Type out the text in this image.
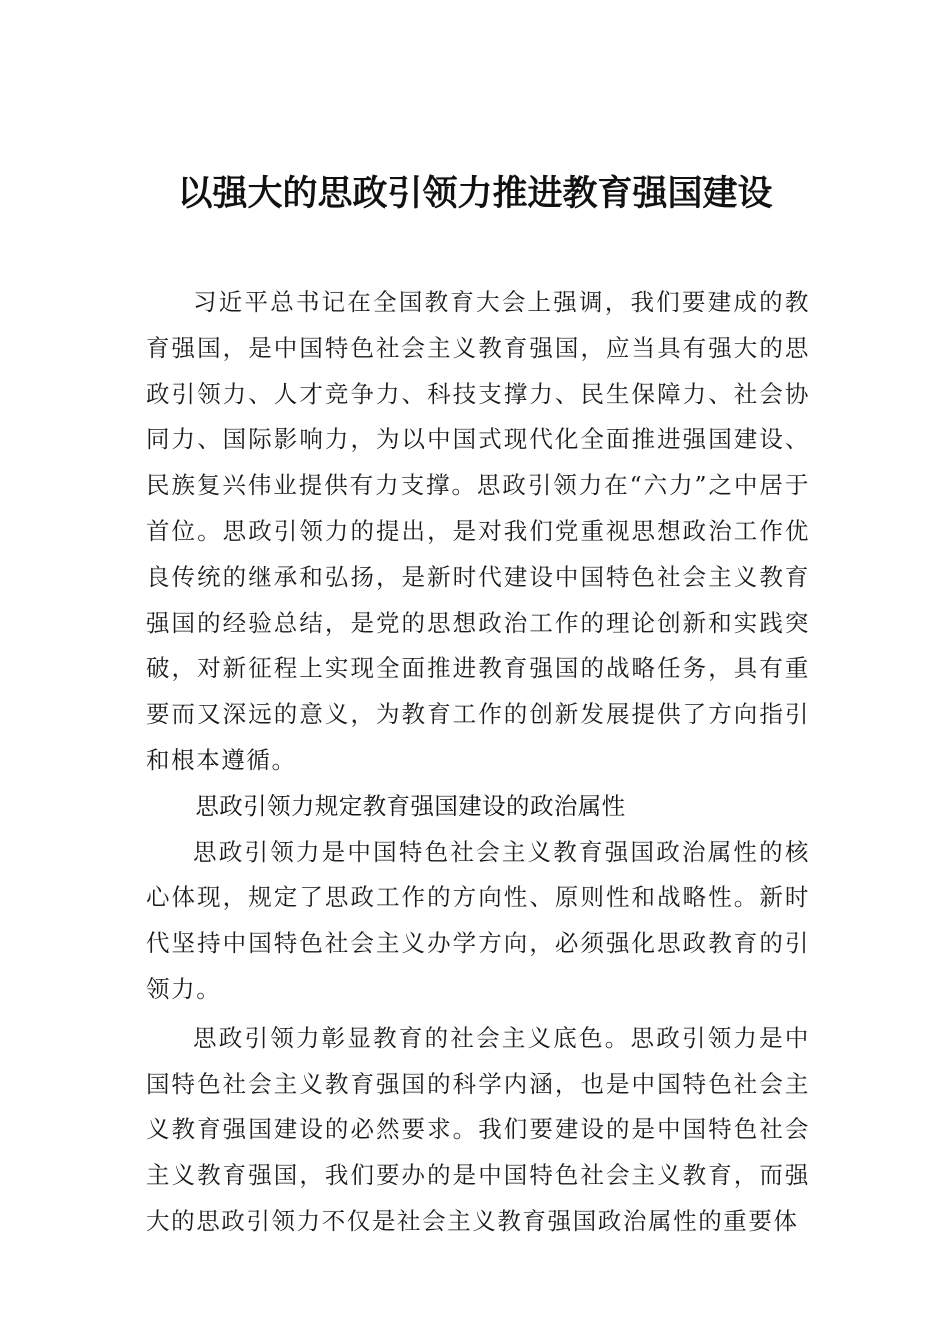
以强大的思政引领力推进教育强国建设

习近平总书记在全国教育大会上强调，我们要建成的教育强国，是中国特色社会主义教育强国，应当具有强大的思政引领力、人才竞争力、科技支撑力、民生保障力、社会协同力、国际影响力，为以中国式现代化全面推进强国建设、民族复兴伟业提供有力支撑。思政引领力在“六力”之中居于首位。思政引领力的提出，是对我们党重视思想政治工作优良传统的继承和弘扬，是新时代建设中国特色社会主义教育强国的经验总结，是党的思想政治工作的理论创新和实践突破，对新征程上实现全面推进教育强国的战略任务，具有重要而又深远的意义，为教育工作的创新发展提供了方向指引和根本遵循。

思政引领力规定教育强国建设的政治属性

思政引领力是中国特色社会主义教育强国政治属性的核心体现，规定了思政工作的方向性、原则性和战略性。新时代坚持中国特色社会主义办学方向，必须强化思政教育的引领力。

思政引领力彰显教育的社会主义底色。思政引领力是中国特色社会主义教育强国的科学内涵，也是中国特色社会主义教育强国建设的必然要求。我们要建设的是中国特色社会主义教育强国，我们要办的是中国特色社会主义教育，而强大的思政引领力不仅是社会主义教育强国政治属性的重要体
